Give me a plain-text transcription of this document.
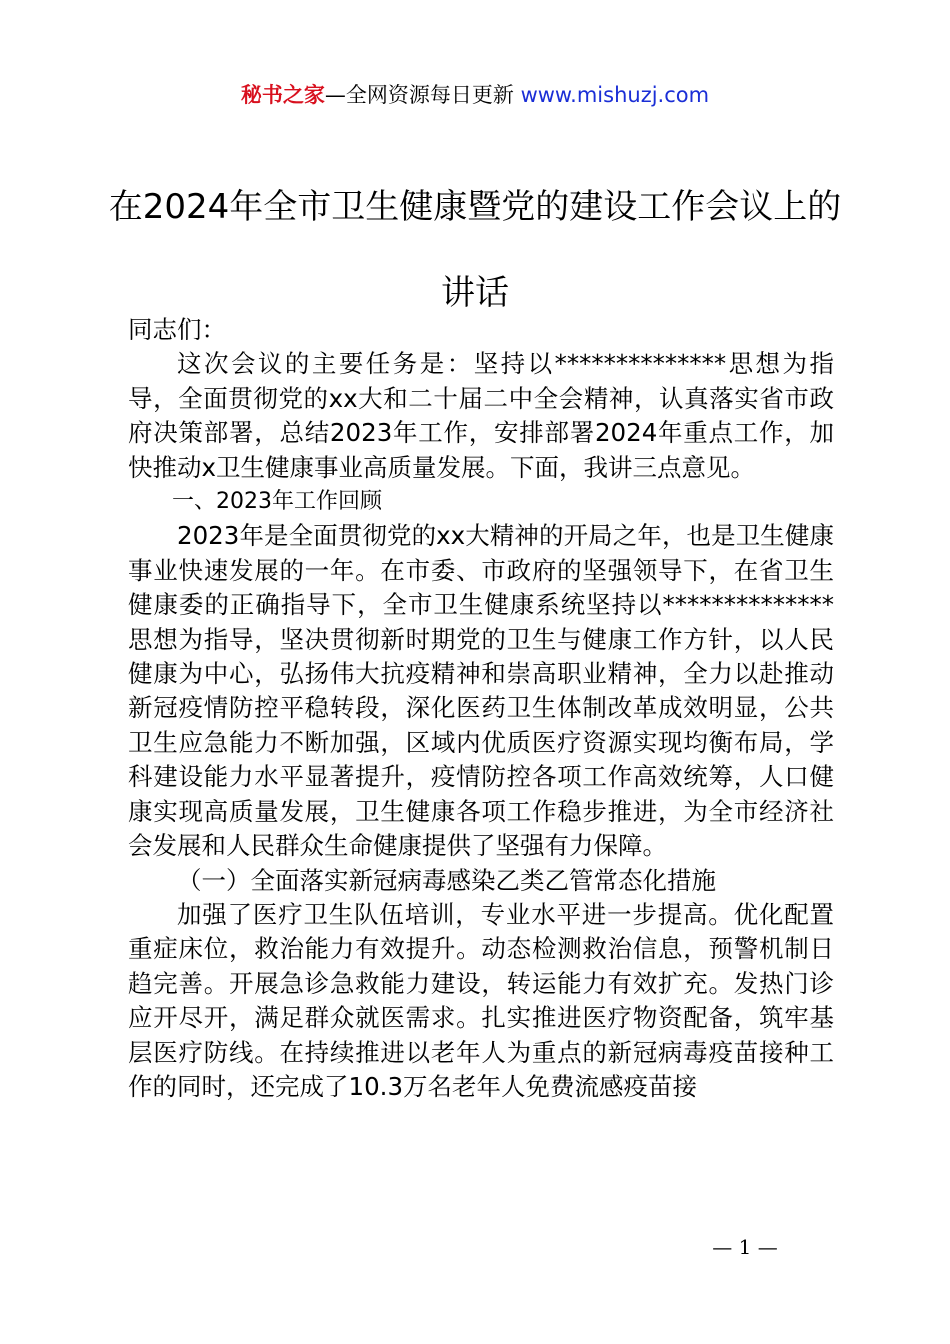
秘书之家—全网资源每日更新 www.mishuzj.com
在2024年全市卫生健康暨党的建设工作会议上的讲话

同志们：

这次会议的主要任务是：坚持以**************思想为指导，全面贯彻党的xx大和二十届二中全会精神，认真落实省市政府决策部署，总结2023年工作，安排部署2024年重点工作，加快推动x卫生健康事业高质量发展。下面，我讲三点意见。

一、2023年工作回顾

2023年是全面贯彻党的xx大精神的开局之年，也是卫生健康事业快速发展的一年。在市委、市政府的坚强领导下，在省卫生健康委的正确指导下，全市卫生健康系统坚持以**************思想为指导，坚决贯彻新时期党的卫生与健康工作方针，以人民健康为中心，弘扬伟大抗疫精神和崇高职业精神，全力以赴推动新冠疫情防控平稳转段，深化医药卫生体制改革成效明显，公共卫生应急能力不断加强，区域内优质医疗资源实现均衡布局，学科建设能力水平显著提升，疫情防控各项工作高效统筹，人口健康实现高质量发展，卫生健康各项工作稳步推进，为全市经济社会发展和人民群众生命健康提供了坚强有力保障。

（一）全面落实新冠病毒感染乙类乙管常态化措施

加强了医疗卫生队伍培训，专业水平进一步提高。优化配置重症床位，救治能力有效提升。动态检测救治信息，预警机制日趋完善。开展急诊急救能力建设，转运能力有效扩充。发热门诊应开尽开，满足群众就医需求。扎实推进医疗物资配备，筑牢基层医疗防线。在持续推进以老年人为重点的新冠病毒疫苗接种工作的同时，还完成了10.3万名老年人免费流感疫苗接

— 1 —
